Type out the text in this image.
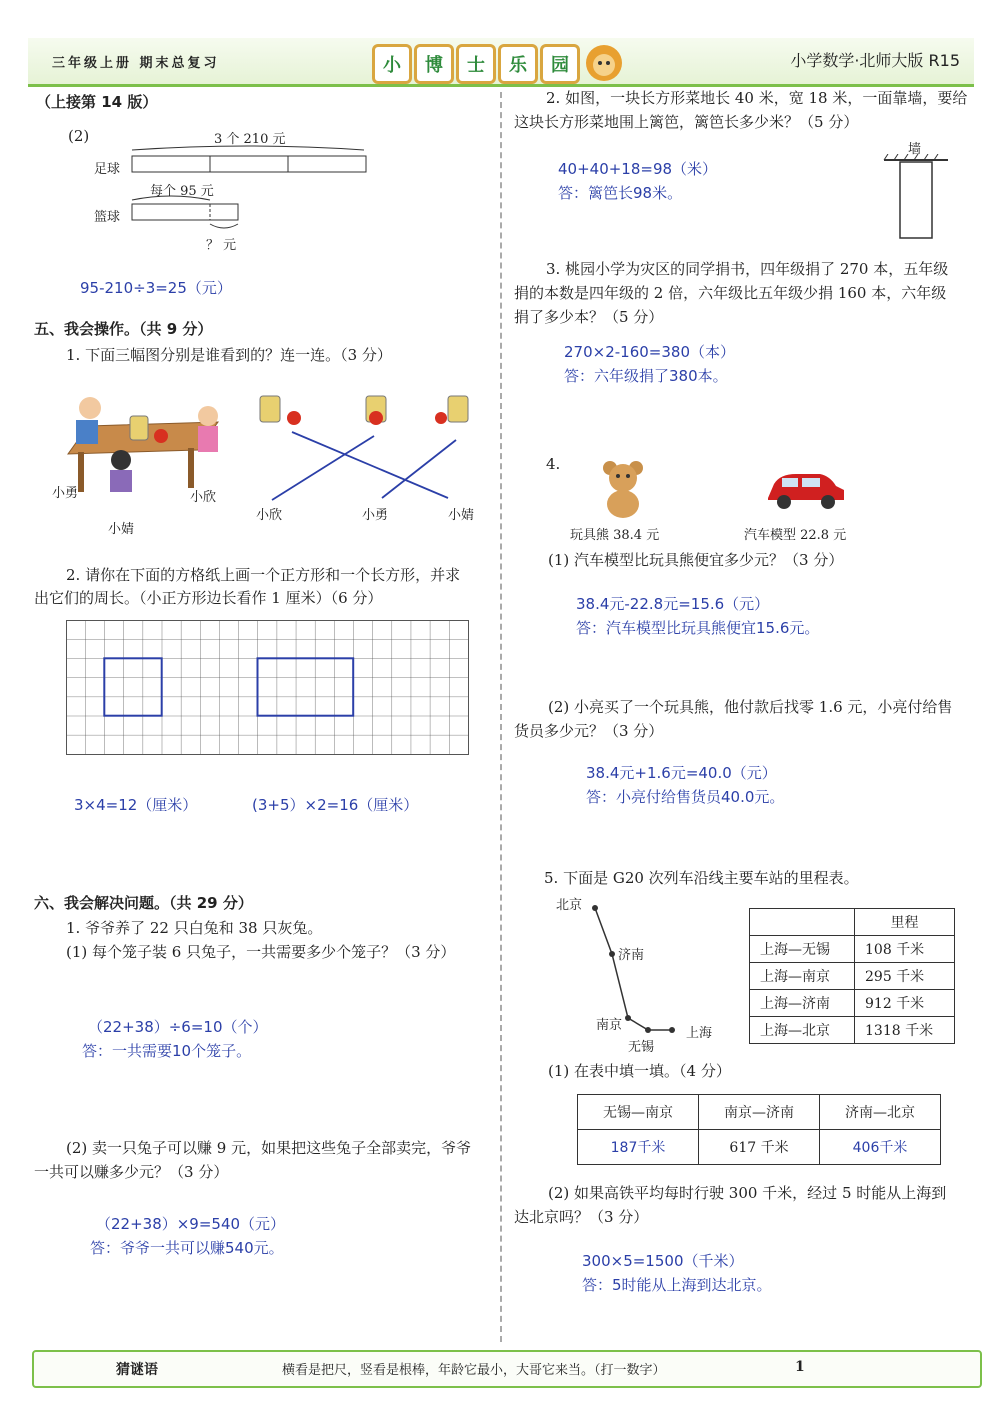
三年级上册 期末总复习	小	博	士	乐	园	小学数学·北师大版 R15
（上接第 14 版）
(2)	3 个 210 元
足球
每个 95 元
篮球
？ 元
95-210÷3=25（元）
五、我会操作。（共 9 分）
1. 下面三幅图分别是谁看到的？连一连。（3 分）
小勇	小欣
小婧
小欣	小勇	小婧
2. 请你在下面的方格纸上画一个正方形和一个长方形，并求
出它们的周长。（小正方形边长看作 1 厘米）（6 分）
3×4=12（厘米）	(3+5）×2=16（厘米）
六、我会解决问题。（共 29 分）
1. 爷爷养了 22 只白兔和 38 只灰兔。
(1) 每个笼子装 6 只兔子，一共需要多少个笼子？（3 分）
（22+38）÷6=10（个）
答：一共需要10个笼子。
(2) 卖一只兔子可以赚 9 元，如果把这些兔子全部卖完，爷爷
一共可以赚多少元？（3 分）
（22+38）×9=540（元）
答：爷爷一共可以赚540元。
2. 如图，一块长方形菜地长 40 米，宽 18 米，一面靠墙，要给
这块长方形菜地围上篱笆，篱笆长多少米？（5 分）
墙
40+40+18=98（米）
答：篱笆长98米。
3. 桃园小学为灾区的同学捐书，四年级捐了 270 本，五年级
捐的本数是四年级的 2 倍，六年级比五年级少捐 160 本，六年级
捐了多少本？（5 分）
270×2-160=380（本）
答：六年级捐了380本。
4.
玩具熊 38.4 元	汽车模型 22.8 元
(1) 汽车模型比玩具熊便宜多少元？（3 分）
38.4元-22.8元=15.6（元）
答：汽车模型比玩具熊便宜15.6元。
(2) 小亮买了一个玩具熊，他付款后找零 1.6 元，小亮付给售
货员多少元？（3 分）
38.4元+1.6元=40.0（元）
答：小亮付给售货员40.0元。
5. 下面是 G20 次列车沿线主要车站的里程表。
北京
济南
南京
无锡
上海
	里程
上海—无锡	108 千米
上海—南京	295 千米
上海—济南	912 千米
上海—北京	1318 千米
(1) 在表中填一填。（4 分）
无锡—南京	南京—济南	济南—北京
187千米	617 千米	406千米
(2) 如果高铁平均每时行驶 300 千米，经过 5 时能从上海到
达北京吗？（3 分）
300×5=1500（千米）
答：5时能从上海到达北京。
猜谜语	横看是把尺，竖看是根棒，年龄它最小，大哥它来当。（打一数字）	1
